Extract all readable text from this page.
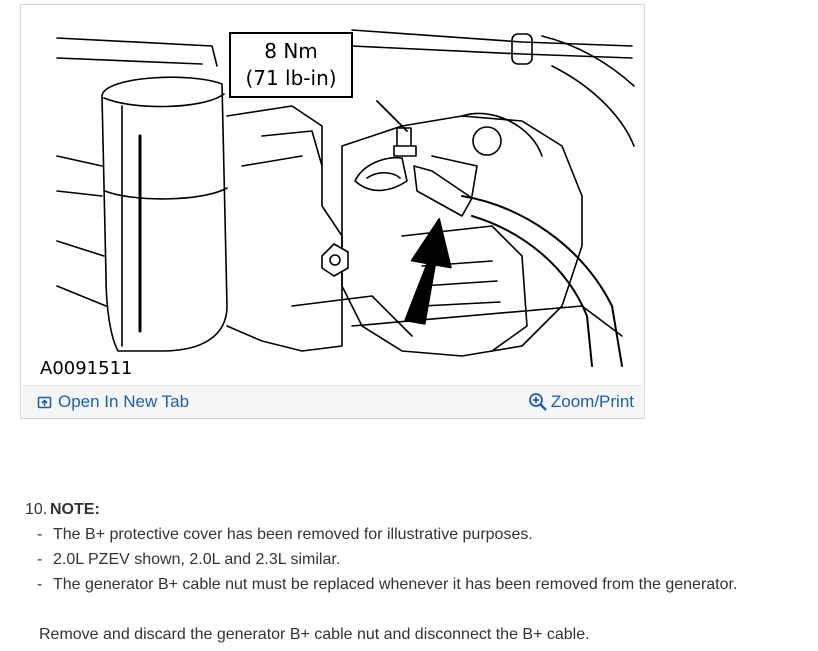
8 Nm
(71 lb-in)
A0091511
Open In New Tab	Zoom/Print
10. NOTE:
- The B+ protective cover has been removed for illustrative purposes.
- 2.0L PZEV shown, 2.0L and 2.3L similar.
- The generator B+ cable nut must be replaced whenever it has been removed from the generator.
Remove and discard the generator B+ cable nut and disconnect the B+ cable.
